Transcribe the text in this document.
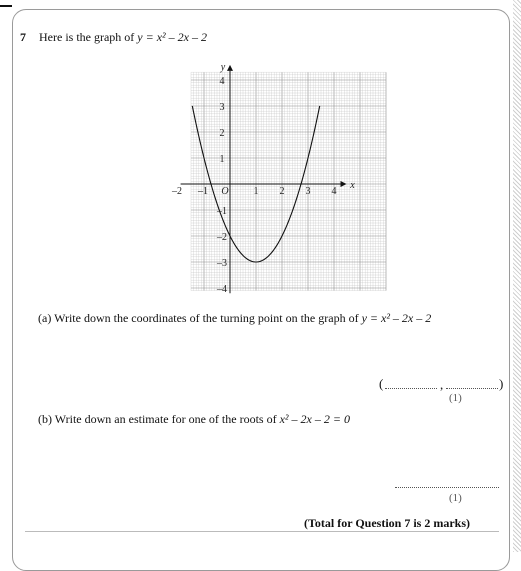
7 Here is the graph of y = x² – 2x – 2
–2 –1	1 2 3 4
–4
–3
–2
–1
1
2
3
4
O
x
y
(a) Write down the coordinates of the turning point on the graph of y = x² – 2x – 2
(	,	)
(1)
(b) Write down an estimate for one of the roots of x² – 2x – 2 = 0
(1)
(Total for Question 7 is 2 marks)
